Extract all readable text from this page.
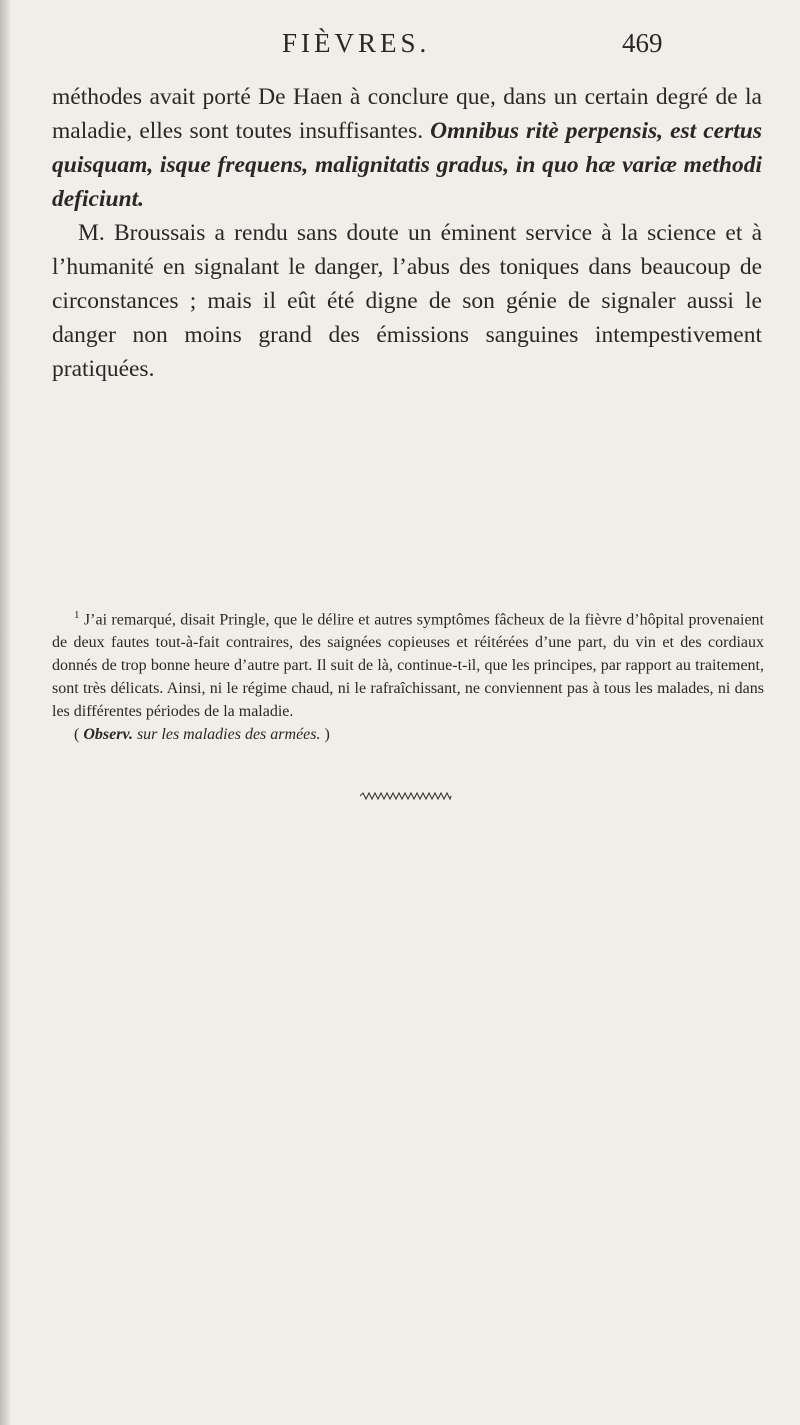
FIÈVRES.	469

méthodes avait porté De Haen à conclure que, dans un certain degré de la maladie, elles sont toutes insuffisantes. Omnibus ritè perpensis, est certus quisquam, isque frequens, malignitatis gradus, in quo hæ variæ methodi deficiunt.

M. Broussais a rendu sans doute un éminent service à la science et à l’humanité en signalant le danger, l’abus des toniques dans beaucoup de circonstances ; mais il eût été digne de son génie de signaler aussi le danger non moins grand des émissions sanguines intempestivement pratiquées.

$^1$ J’ai remarqué, disait Pringle, que le délire et autres symptômes fâcheux de la fièvre d’hôpital provenaient de deux fautes tout-à-fait contraires, des saignées copieuses et réitérées d’une part, du vin et des cordiaux donnés de trop bonne heure d’autre part. Il suit de là, continue-t-il, que les principes, par rapport au traitement, sont très délicats. Ainsi, ni le régime chaud, ni le rafraîchissant, ne conviennent pas à tous les malades, ni dans les différentes périodes de la maladie.

( Observ. sur les maladies des armées. )
